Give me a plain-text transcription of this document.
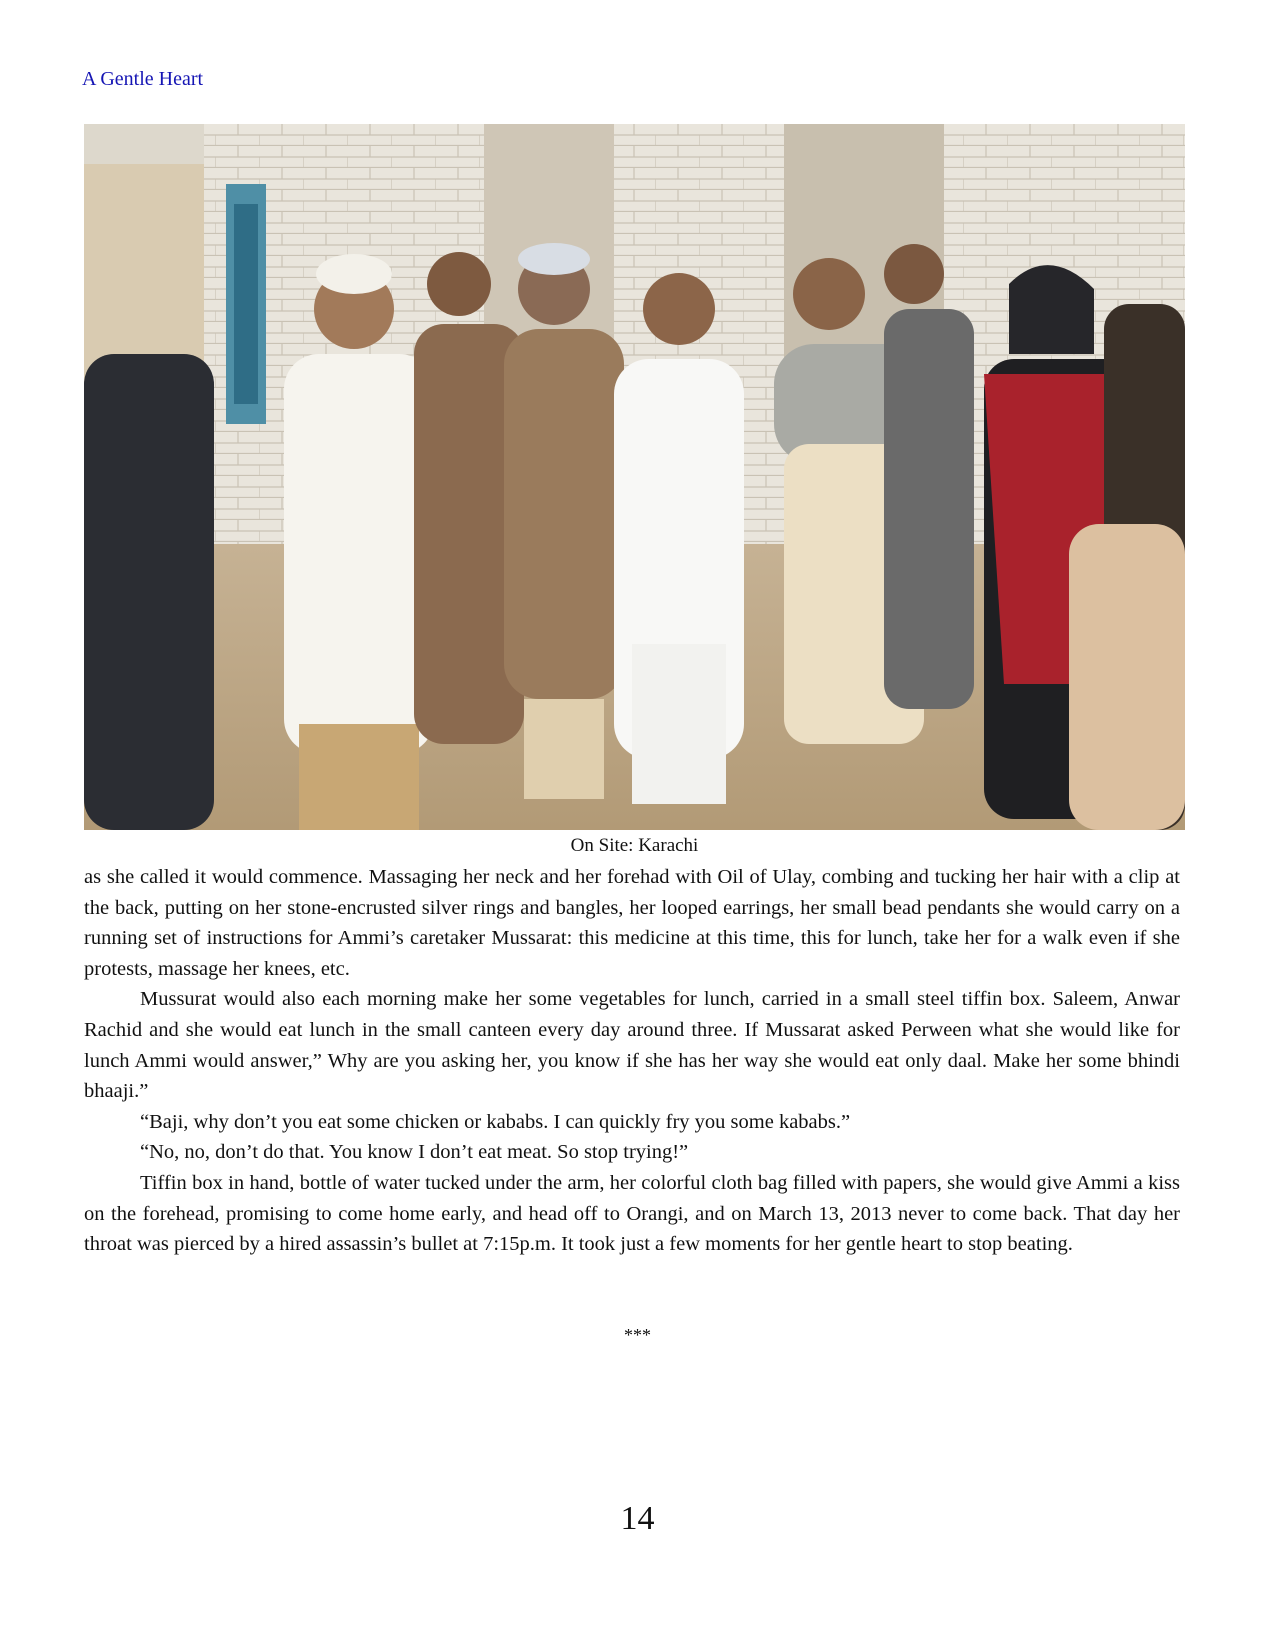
A Gentle Heart
On Site: Karachi

as she called it would commence. Massaging her neck and her forehad with Oil of Ulay, combing and tucking her hair with a clip at the back, putting on her stone-encrusted silver rings and bangles, her looped earrings, her small bead pendants she would carry on a running set of instructions for Ammi’s caretaker Mussarat: this medicine at this time, this for lunch, take her for a walk even if she protests, massage her knees, etc.

Mussurat would also each morning make her some vegetables for lunch, carried in a small steel tiffin box. Saleem, Anwar Rachid and she would eat lunch in the small canteen every day around three. If Mussarat asked Perween what she would like for lunch Ammi would answer,” Why are you asking her, you know if she has her way she would eat only daal. Make her some bhindi bhaaji.”

“Baji, why don’t you eat some chicken or kababs. I can quickly fry you some kababs.”

“No, no, don’t do that. You know I don’t eat meat. So stop trying!”

Tiffin box in hand, bottle of water tucked under the arm, her colorful cloth bag filled with papers, she would give Ammi a kiss on the forehead, promising to come home early, and head off to Orangi, and on March 13, 2013 never to come back. That day her throat was pierced by a hired assassin’s bullet at 7:15p.m. It took just a few moments for her gentle heart to stop beating.

***
14
